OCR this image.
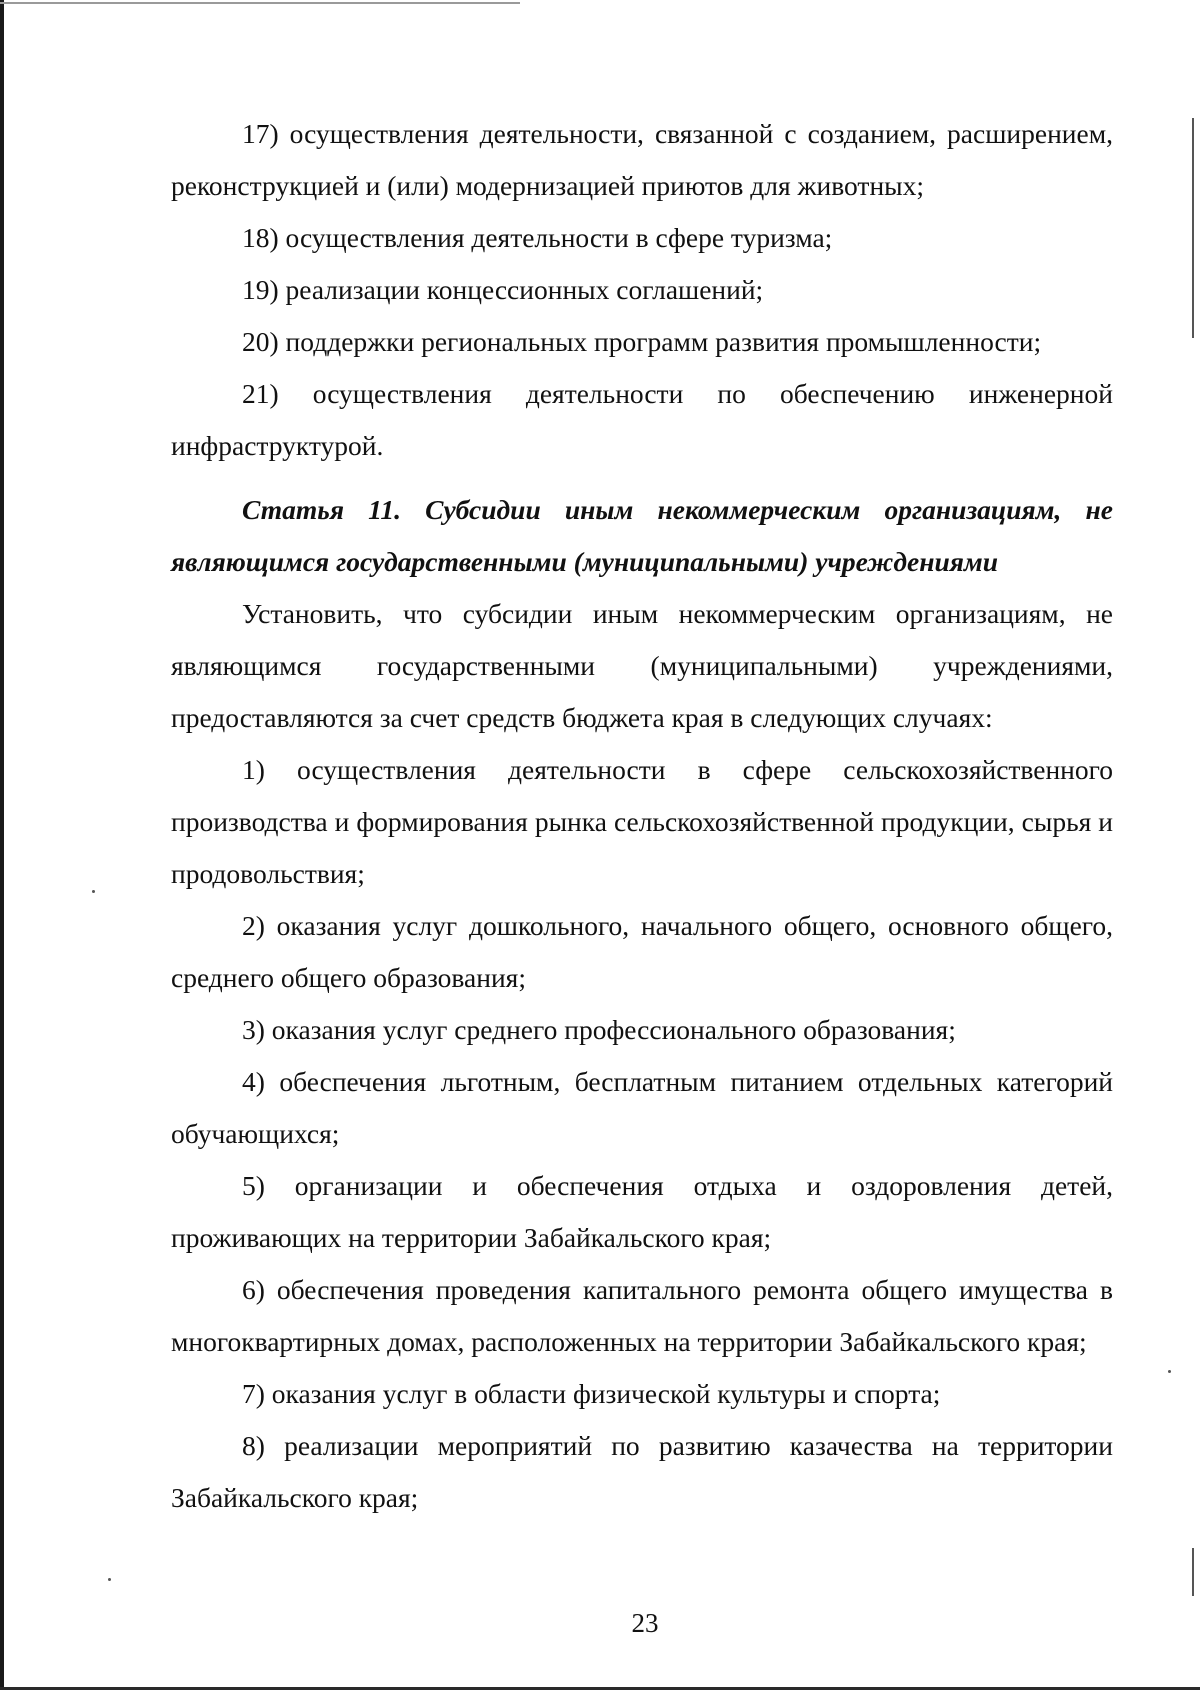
17) осуществления деятельности, связанной с созданием, расширением, реконструкцией и (или) модернизацией приютов для животных;

18) осуществления деятельности в сфере туризма;

19) реализации концессионных соглашений;

20) поддержки региональных программ развития промышленности;

21) осуществления деятельности по обеспечению инженерной инфраструктурой.

Статья 11. Субсидии иным некоммерческим организациям, не являющимся государственными (муниципальными) учреждениями

Установить, что субсидии иным некоммерческим организациям, не являющимся государственными (муниципальными) учреждениями, предоставляются за счет средств бюджета края в следующих случаях:

1) осуществления деятельности в сфере сельскохозяйственного производства и формирования рынка сельскохозяйственной продукции, сырья и продовольствия;

2) оказания услуг дошкольного, начального общего, основного общего, среднего общего образования;

3) оказания услуг среднего профессионального образования;

4) обеспечения льготным, бесплатным питанием отдельных категорий обучающихся;

5) организации и обеспечения отдыха и оздоровления детей, проживающих на территории Забайкальского края;

6) обеспечения проведения капитального ремонта общего имущества в многоквартирных домах, расположенных на территории Забайкальского края;

7) оказания услуг в области физической культуры и спорта;

8) реализации мероприятий по развитию казачества на территории Забайкальского края;

23
